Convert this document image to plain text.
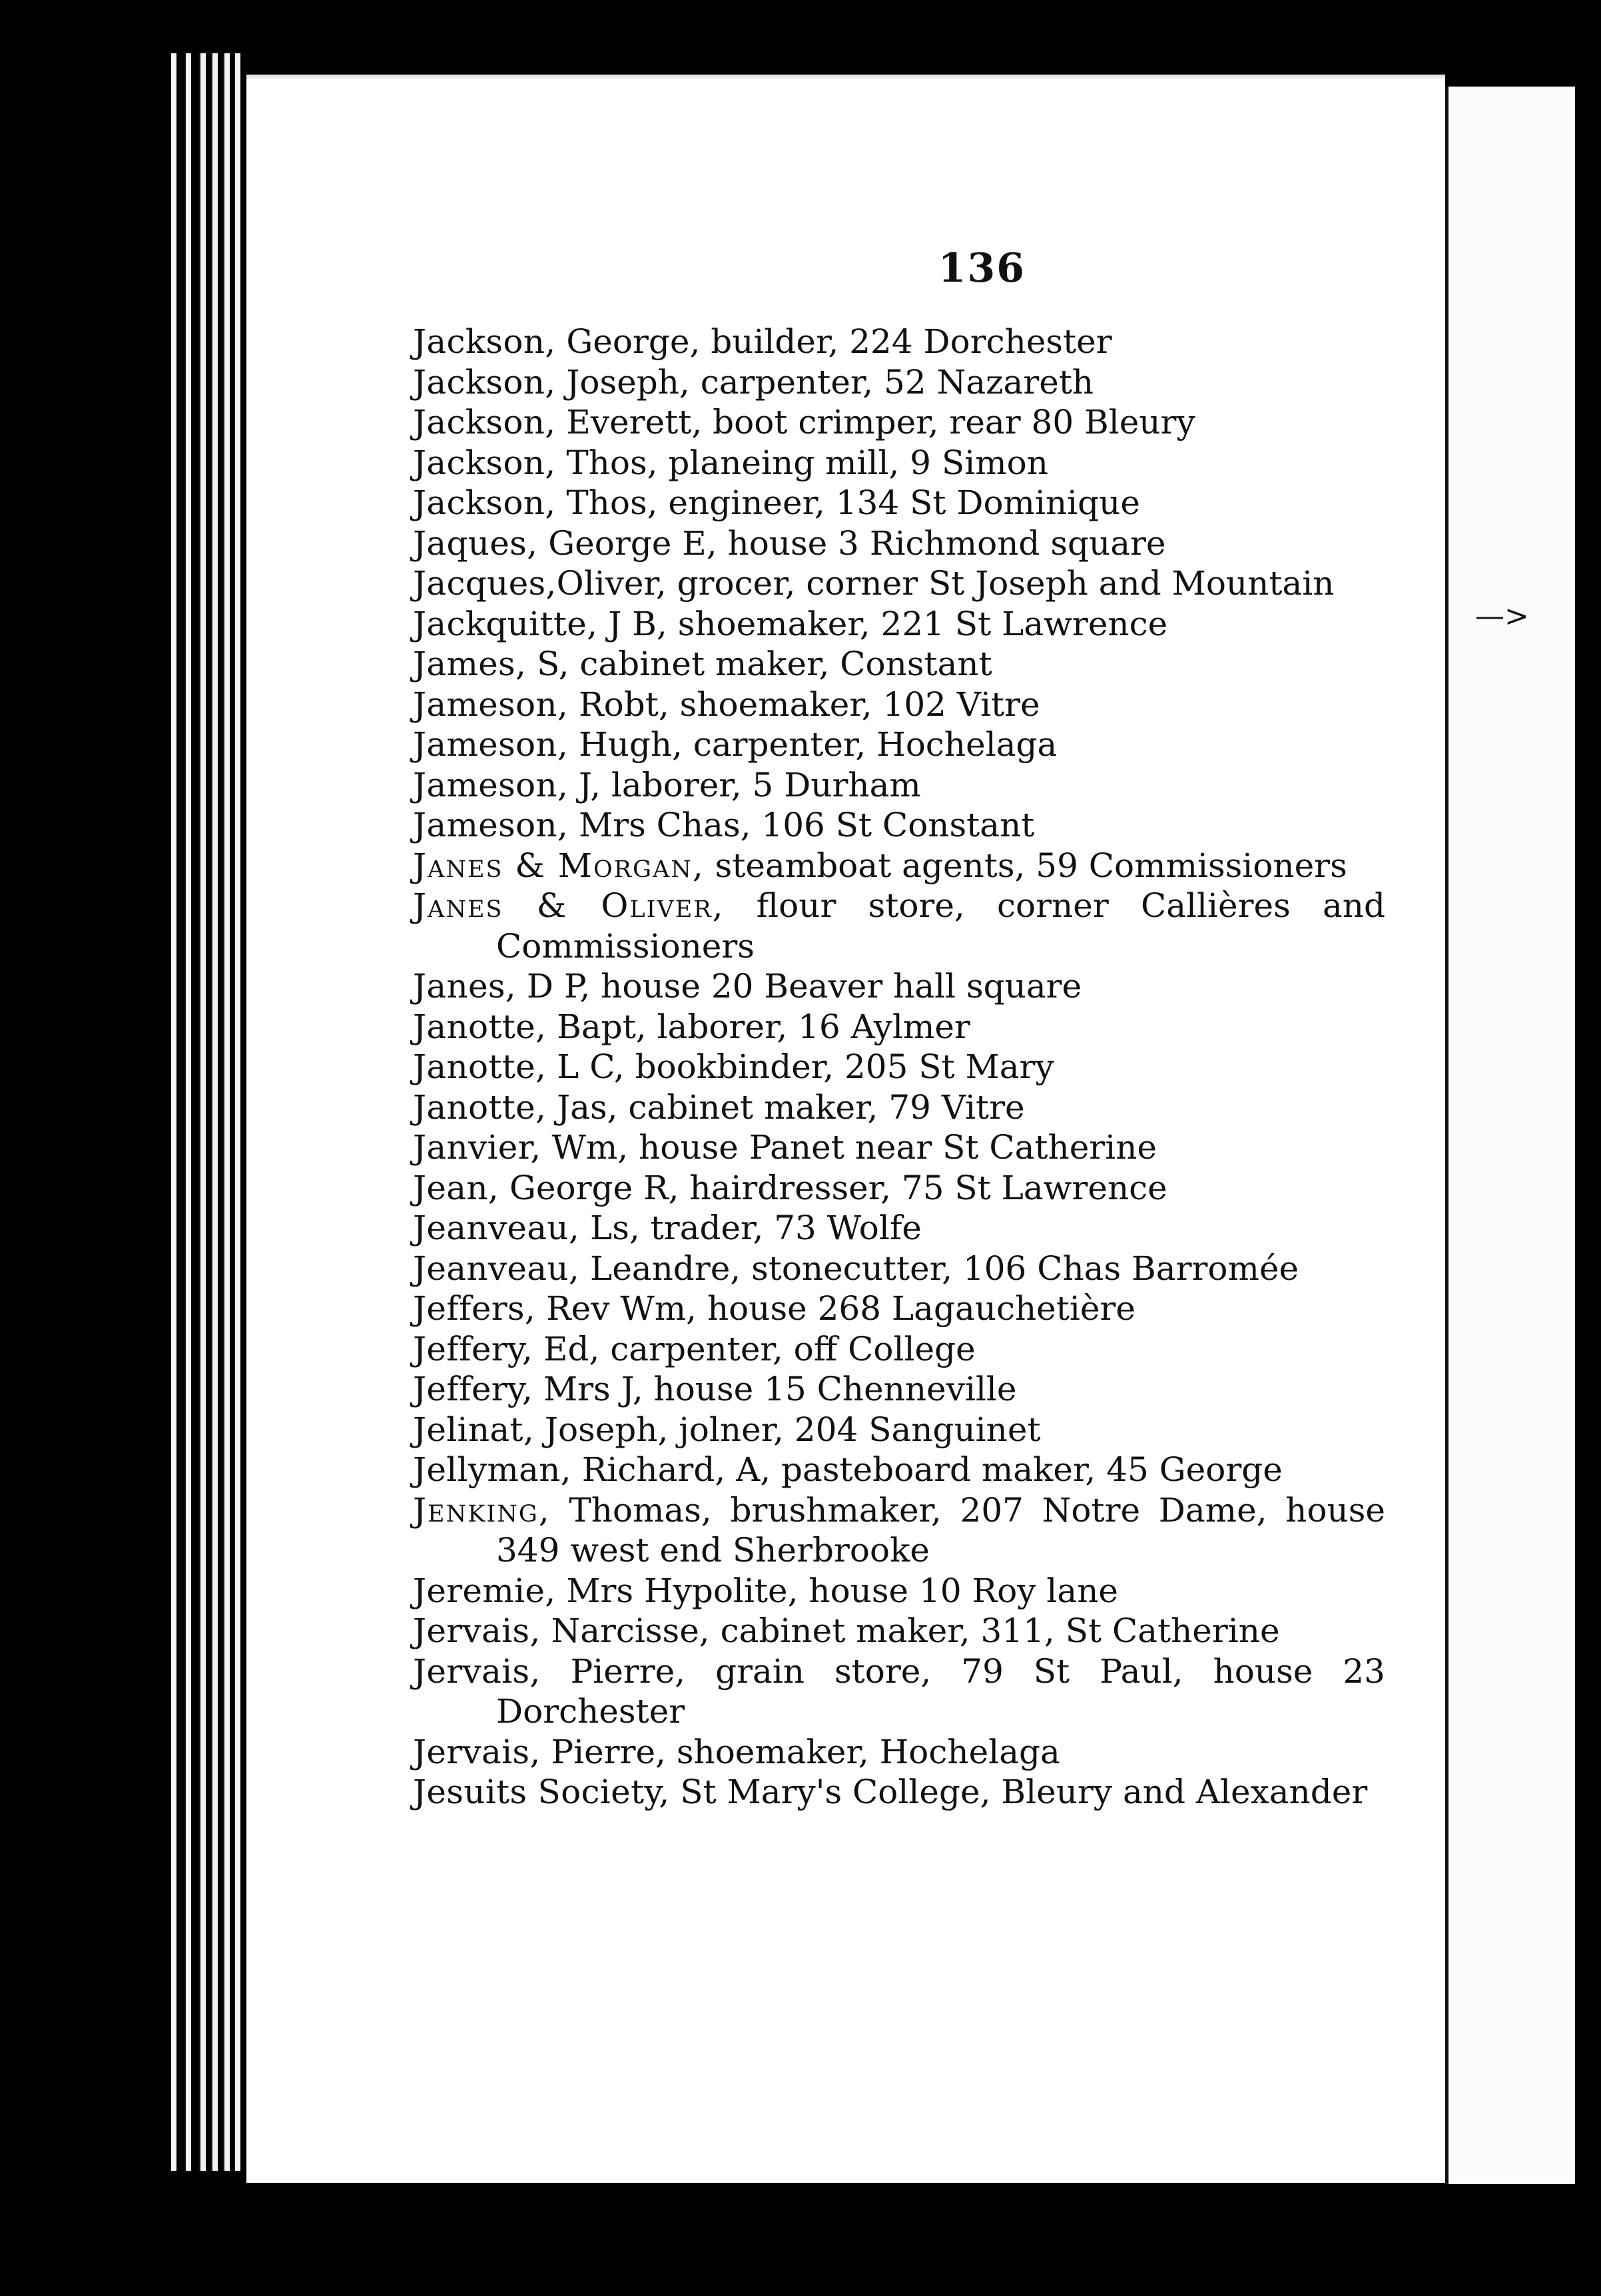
—>
136
Jackson, George, builder, 224 Dorchester
Jackson, Joseph, carpenter, 52 Nazareth
Jackson, Everett, boot crimper, rear 80 Bleury
Jackson, Thos, planeing mill, 9 Simon
Jackson, Thos, engineer, 134 St Dominique
Jaques, George E, house 3 Richmond square
Jacques,Oliver, grocer, corner St Joseph and Mountain
Jackquitte, J B, shoemaker, 221 St Lawrence
James, S, cabinet maker, Constant
Jameson, Robt, shoemaker, 102 Vitre
Jameson, Hugh, carpenter, Hochelaga
Jameson, J, laborer, 5 Durham
Jameson, Mrs Chas, 106 St Constant
Janes & Morgan, steamboat agents, 59 Commissioners
Janes & Oliver, flour store, corner Callières and Commissioners
Janes, D P, house 20 Beaver hall square
Janotte, Bapt, laborer, 16 Aylmer
Janotte, L C, bookbinder, 205 St Mary
Janotte, Jas, cabinet maker, 79 Vitre
Janvier, Wm, house Panet near St Catherine
Jean, George R, hairdresser, 75 St Lawrence
Jeanveau, Ls, trader, 73 Wolfe
Jeanveau, Leandre, stonecutter, 106 Chas Barromée
Jeffers, Rev Wm, house 268 Lagauchetière
Jeffery, Ed, carpenter, off College
Jeffery, Mrs J, house 15 Chenneville
Jelinat, Joseph, jolner, 204 Sanguinet
Jellyman, Richard, A, pasteboard maker, 45 George
Jenking, Thomas, brushmaker, 207 Notre Dame, house 349 west end Sherbrooke
Jeremie, Mrs Hypolite, house 10 Roy lane
Jervais, Narcisse, cabinet maker, 311, St Catherine
Jervais, Pierre, grain store, 79 St Paul, house 23 Dorchester
Jervais, Pierre, shoemaker, Hochelaga
Jesuits Society, St Mary's College, Bleury and Alexander
